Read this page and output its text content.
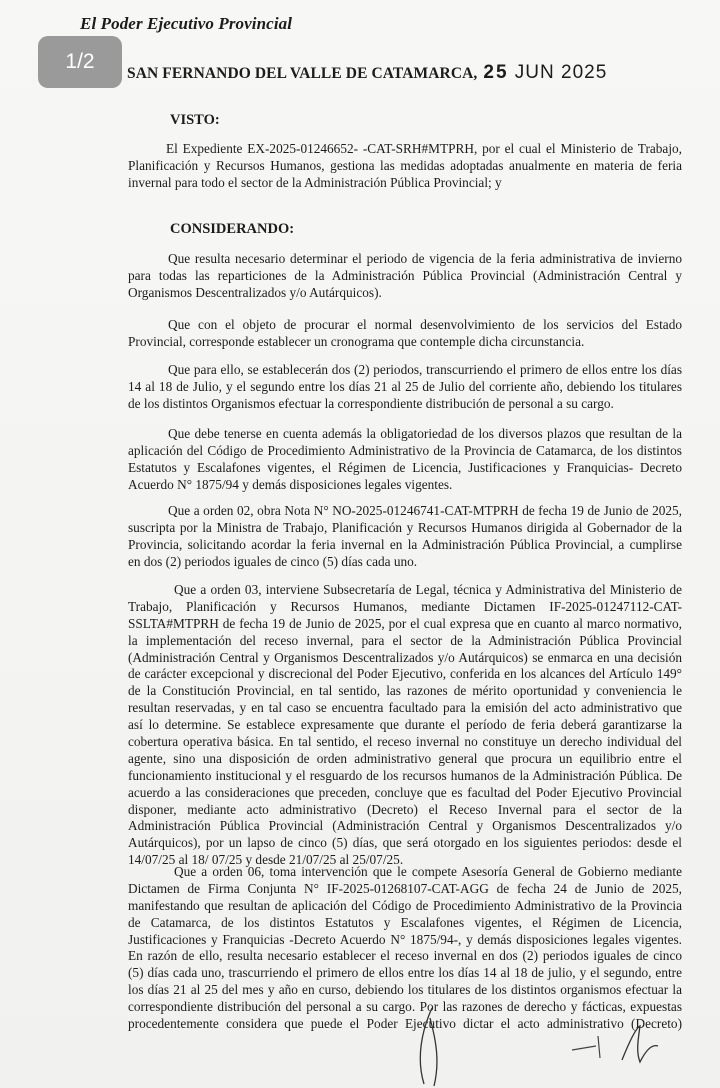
El Poder Ejecutivo Provincial
1/2
SAN FERNANDO DEL VALLE DE CATAMARCA, 25 JUN 2025
VISTO:
El Expediente EX-2025-01246652- -CAT-SRH#MTPRH, por el cual el Ministerio de Trabajo,
Planificación y Recursos Humanos, gestiona las medidas adoptadas anualmente en materia de feria
invernal para todo el sector de la Administración Pública Provincial; y
CONSIDERANDO:
Que resulta necesario determinar el periodo de vigencia de la feria administrativa de invierno
para todas las reparticiones de la Administración Pública Provincial (Administración Central y
Organismos Descentralizados y/o Autárquicos).
Que con el objeto de procurar el normal desenvolvimiento de los servicios del Estado
Provincial, corresponde establecer un cronograma que contemple dicha circunstancia.
Que para ello, se establecerán dos (2) periodos, transcurriendo el primero de ellos entre los días
14 al 18 de Julio, y el segundo entre los días 21 al 25 de Julio del corriente año, debiendo los titulares
de los distintos Organismos efectuar la correspondiente distribución de personal a su cargo.
Que debe tenerse en cuenta además la obligatoriedad de los diversos plazos que resultan de la
aplicación del Código de Procedimiento Administrativo de la Provincia de Catamarca, de los distintos
Estatutos y Escalafones vigentes, el Régimen de Licencia, Justificaciones y Franquicias- Decreto
Acuerdo N° 1875/94 y demás disposiciones legales vigentes.
Que a orden 02, obra Nota N° NO-2025-01246741-CAT-MTPRH de fecha 19 de Junio de 2025,
suscripta por la Ministra de Trabajo, Planificación y Recursos Humanos dirigida al Gobernador de la
Provincia, solicitando acordar la feria invernal en la Administración Pública Provincial, a cumplirse
en dos (2) periodos iguales de cinco (5) días cada uno.
Que a orden 03, interviene Subsecretaría de Legal, técnica y Administrativa del Ministerio de
Trabajo, Planificación y Recursos Humanos, mediante Dictamen IF-2025-01247112-CAT-
SSLTA#MTPRH de fecha 19 de Junio de 2025, por el cual expresa que en cuanto al marco normativo,
la implementación del receso invernal, para el sector de la Administración Pública Provincial
(Administración Central y Organismos Descentralizados y/o Autárquicos) se enmarca en una decisión
de carácter excepcional y discrecional del Poder Ejecutivo, conferida en los alcances del Artículo 149°
de la Constitución Provincial, en tal sentido, las razones de mérito oportunidad y conveniencia le
resultan reservadas, y en tal caso se encuentra facultado para la emisión del acto administrativo que
así lo determine. Se establece expresamente que durante el período de feria deberá garantizarse la
cobertura operativa básica. En tal sentido, el receso invernal no constituye un derecho individual del
agente, sino una disposición de orden administrativo general que procura un equilibrio entre el
funcionamiento institucional y el resguardo de los recursos humanos de la Administración Pública. De
acuerdo a las consideraciones que preceden, concluye que es facultad del Poder Ejecutivo Provincial
disponer, mediante acto administrativo (Decreto) el Receso Invernal para el sector de la
Administración Pública Provincial (Administración Central y Organismos Descentralizados y/o
Autárquicos), por un lapso de cinco (5) días, que será otorgado en los siguientes periodos: desde el
14/07/25 al 18/ 07/25 y desde 21/07/25 al 25/07/25.
Que a orden 06, toma intervención que le compete Asesoría General de Gobierno mediante
Dictamen de Firma Conjunta N° IF-2025-01268107-CAT-AGG de fecha 24 de Junio de 2025,
manifestando que resultan de aplicación del Código de Procedimiento Administrativo de la Provincia
de Catamarca, de los distintos Estatutos y Escalafones vigentes, el Régimen de Licencia,
Justificaciones y Franquicias -Decreto Acuerdo N° 1875/94-, y demás disposiciones legales vigentes.
En razón de ello, resulta necesario establecer el receso invernal en dos (2) periodos iguales de cinco
(5) días cada uno, trascurriendo el primero de ellos entre los días 14 al 18 de julio, y el segundo, entre
los días 21 al 25 del mes y año en curso, debiendo los titulares de los distintos organismos efectuar la
correspondiente distribución del personal a su cargo. Por las razones de derecho y fácticas, expuestas
procedentemente considera que puede el Poder Ejecutivo dictar el acto administrativo (Decreto)
